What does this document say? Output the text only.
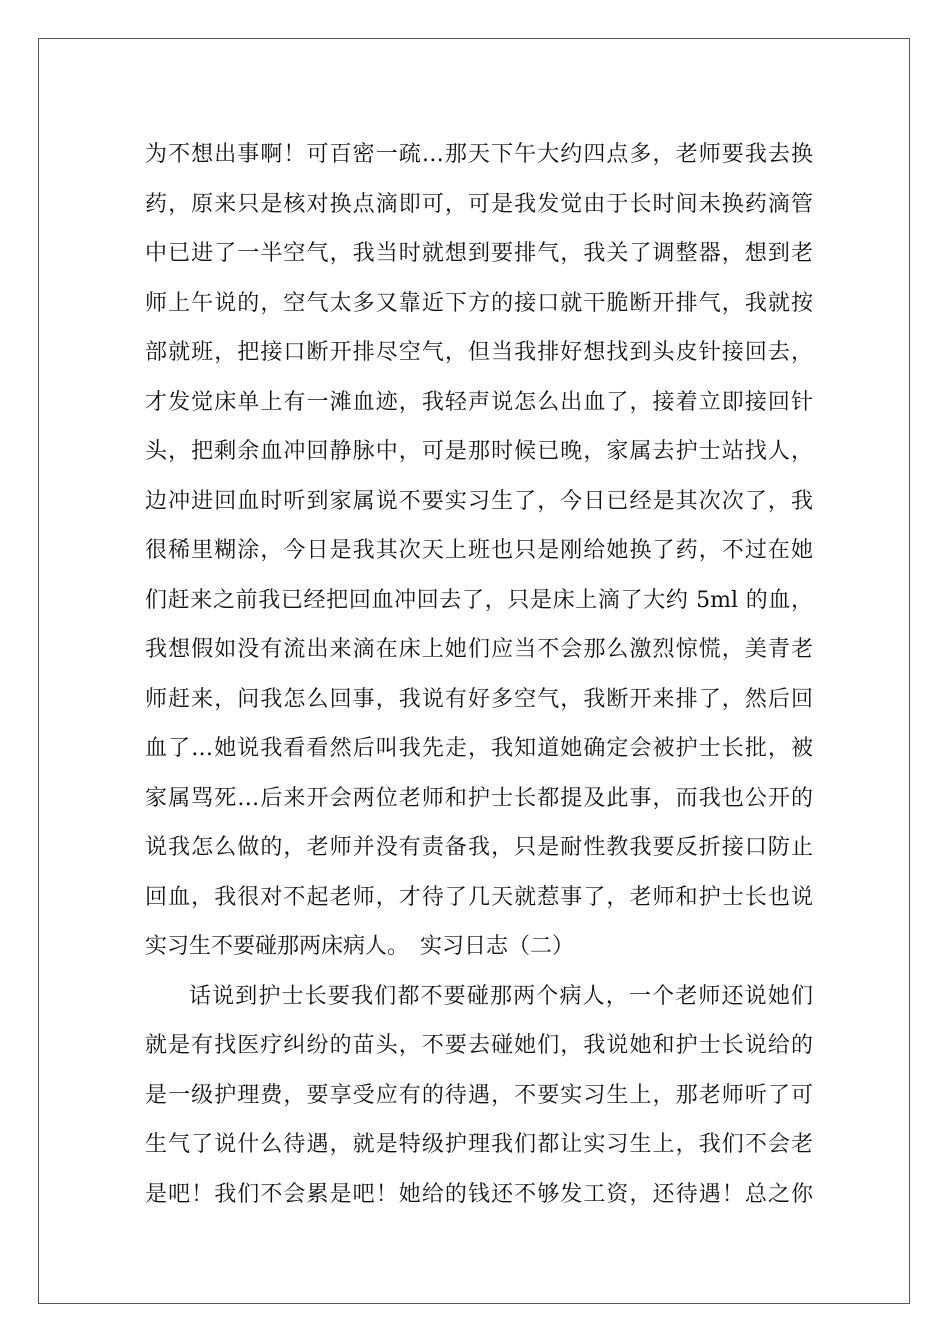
为不想出事啊！可百密一疏…那天下午大约四点多，老师要我去换
药，原来只是核对换点滴即可，可是我发觉由于长时间未换药滴管
中已进了一半空气，我当时就想到要排气，我关了调整器，想到老
师上午说的，空气太多又靠近下方的接口就干脆断开排气，我就按
部就班，把接口断开排尽空气，但当我排好想找到头皮针接回去，
才发觉床单上有一滩血迹，我轻声说怎么出血了，接着立即接回针
头，把剩余血冲回静脉中，可是那时候已晚，家属去护士站找人，
边冲进回血时听到家属说不要实习生了，今日已经是其次次了，我
很稀里糊涂，今日是我其次天上班也只是刚给她换了药，不过在她
们赶来之前我已经把回血冲回去了，只是床上滴了大约 5ml 的血，
我想假如没有流出来滴在床上她们应当不会那么激烈惊慌，美青老
师赶来，问我怎么回事，我说有好多空气，我断开来排了，然后回
血了…她说我看看然后叫我先走，我知道她确定会被护士长批，被
家属骂死…后来开会两位老师和护士长都提及此事，而我也公开的
说我怎么做的，老师并没有责备我，只是耐性教我要反折接口防止
回血，我很对不起老师，才待了几天就惹事了，老师和护士长也说
实习生不要碰那两床病人。　实习日志（二）
话说到护士长要我们都不要碰那两个病人，一个老师还说她们
就是有找医疗纠纷的苗头，不要去碰她们，我说她和护士长说给的
是一级护理费，要享受应有的待遇，不要实习生上，那老师听了可
生气了说什么待遇，就是特级护理我们都让实习生上，我们不会老
是吧！我们不会累是吧！她给的钱还不够发工资，还待遇！总之你
